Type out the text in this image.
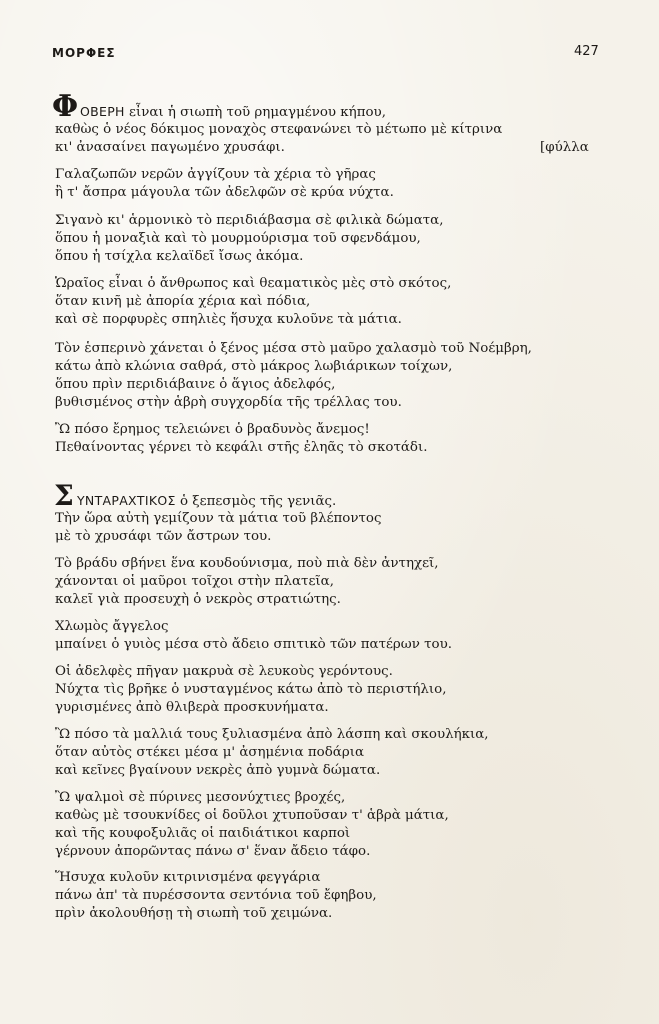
ΜΟΡΦΕΣ	427
Φ ΟΒΕΡΗ εἶναι ἡ σιωπὴ τοῦ ρημαγμένου κήπου,
καθὼς ὁ νέος δόκιμος μοναχὸς στεφανώνει τὸ μέτωπο μὲ κίτρινα
κι' ἀνασαίνει παγωμένο χρυσάφι.	[φύλλα
Γαλαζωπῶν νερῶν ἀγγίζουν τὰ χέρια τὸ γῆρας
ἢ τ' ἄσπρα μάγουλα τῶν ἀδελφῶν σὲ κρύα νύχτα.
Σιγανὸ κι' ἁρμονικὸ τὸ περιδιάβασμα σὲ φιλικὰ δώματα,
ὅπου ἡ μοναξιὰ καὶ τὸ μουρμούρισμα τοῦ σφενδάμου,
ὅπου ἡ τσίχλα κελαϊδεῖ ἴσως ἀκόμα.
Ὡραῖος εἶναι ὁ ἄνθρωπος καὶ θεαματικὸς μὲς στὸ σκότος,
ὅταν κινῆ μὲ ἀπορία χέρια καὶ πόδια,
καὶ σὲ πορφυρὲς σπηλιὲς ἥσυχα κυλοῦνε τὰ μάτια.
Τὸν ἑσπερινὸ χάνεται ὁ ξένος μέσα στὸ μαῦρο χαλασμὸ τοῦ Νοέμβρη,
κάτω ἀπὸ κλώνια σαθρά, στὸ μάκρος λωβιάρικων τοίχων,
ὅπου πρὶν περιδιάβαινε ὁ ἅγιος ἀδελφός,
βυθισμένος στὴν ἁβρὴ συγχορδία τῆς τρέλλας του.
Ὢ πόσο ἔρημος τελειώνει ὁ βραδυνὸς ἄνεμος!
Πεθαίνοντας γέρνει τὸ κεφάλι στῆς ἐληᾶς τὸ σκοτάδι.
Σ ΥΝΤΑΡΑΧΤΙΚΟΣ ὁ ξεπεσμὸς τῆς γενιᾶς.
Τὴν ὥρα αὐτὴ γεμίζουν τὰ μάτια τοῦ βλέποντος
μὲ τὸ χρυσάφι τῶν ἄστρων του.
Τὸ βράδυ σβήνει ἕνα κουδούνισμα, ποὺ πιὰ δὲν ἀντηχεῖ,
χάνονται οἱ μαῦροι τοῖχοι στὴν πλατεῖα,
καλεῖ γιὰ προσευχὴ ὁ νεκρὸς στρατιώτης.
Χλωμὸς ἄγγελος
μπαίνει ὁ γυιὸς μέσα στὸ ἄδειο σπιτικὸ τῶν πατέρων του.
Οἱ ἀδελφὲς πῆγαν μακρυὰ σὲ λευκοὺς γερόντους.
Νύχτα τὶς βρῆκε ὁ νυσταγμένος κάτω ἀπὸ τὸ περιστήλιο,
γυρισμένες ἀπὸ θλιβερὰ προσκυνήματα.
Ὢ πόσο τὰ μαλλιά τους ξυλιασμένα ἀπὸ λάσπη καὶ σκουλήκια,
ὅταν αὐτὸς στέκει μέσα μ' ἀσημένια ποδάρια
καὶ κεῖνες βγαίνουν νεκρὲς ἀπὸ γυμνὰ δώματα.
Ὢ ψαλμοὶ σὲ πύρινες μεσονύχτιες βροχές,
καθὼς μὲ τσουκνίδες οἱ δοῦλοι χτυποῦσαν τ' ἁβρὰ μάτια,
καὶ τῆς κουφοξυλιᾶς οἱ παιδιάτικοι καρποὶ
γέρνουν ἀπορῶντας πάνω σ' ἕναν ἄδειο τάφο.
Ἥσυχα κυλοῦν κιτρινισμένα φεγγάρια
πάνω ἀπ' τὰ πυρέσσοντα σεντόνια τοῦ ἔφηβου,
πρὶν ἀκολουθήσῃ τὴ σιωπὴ τοῦ χειμώνα.
